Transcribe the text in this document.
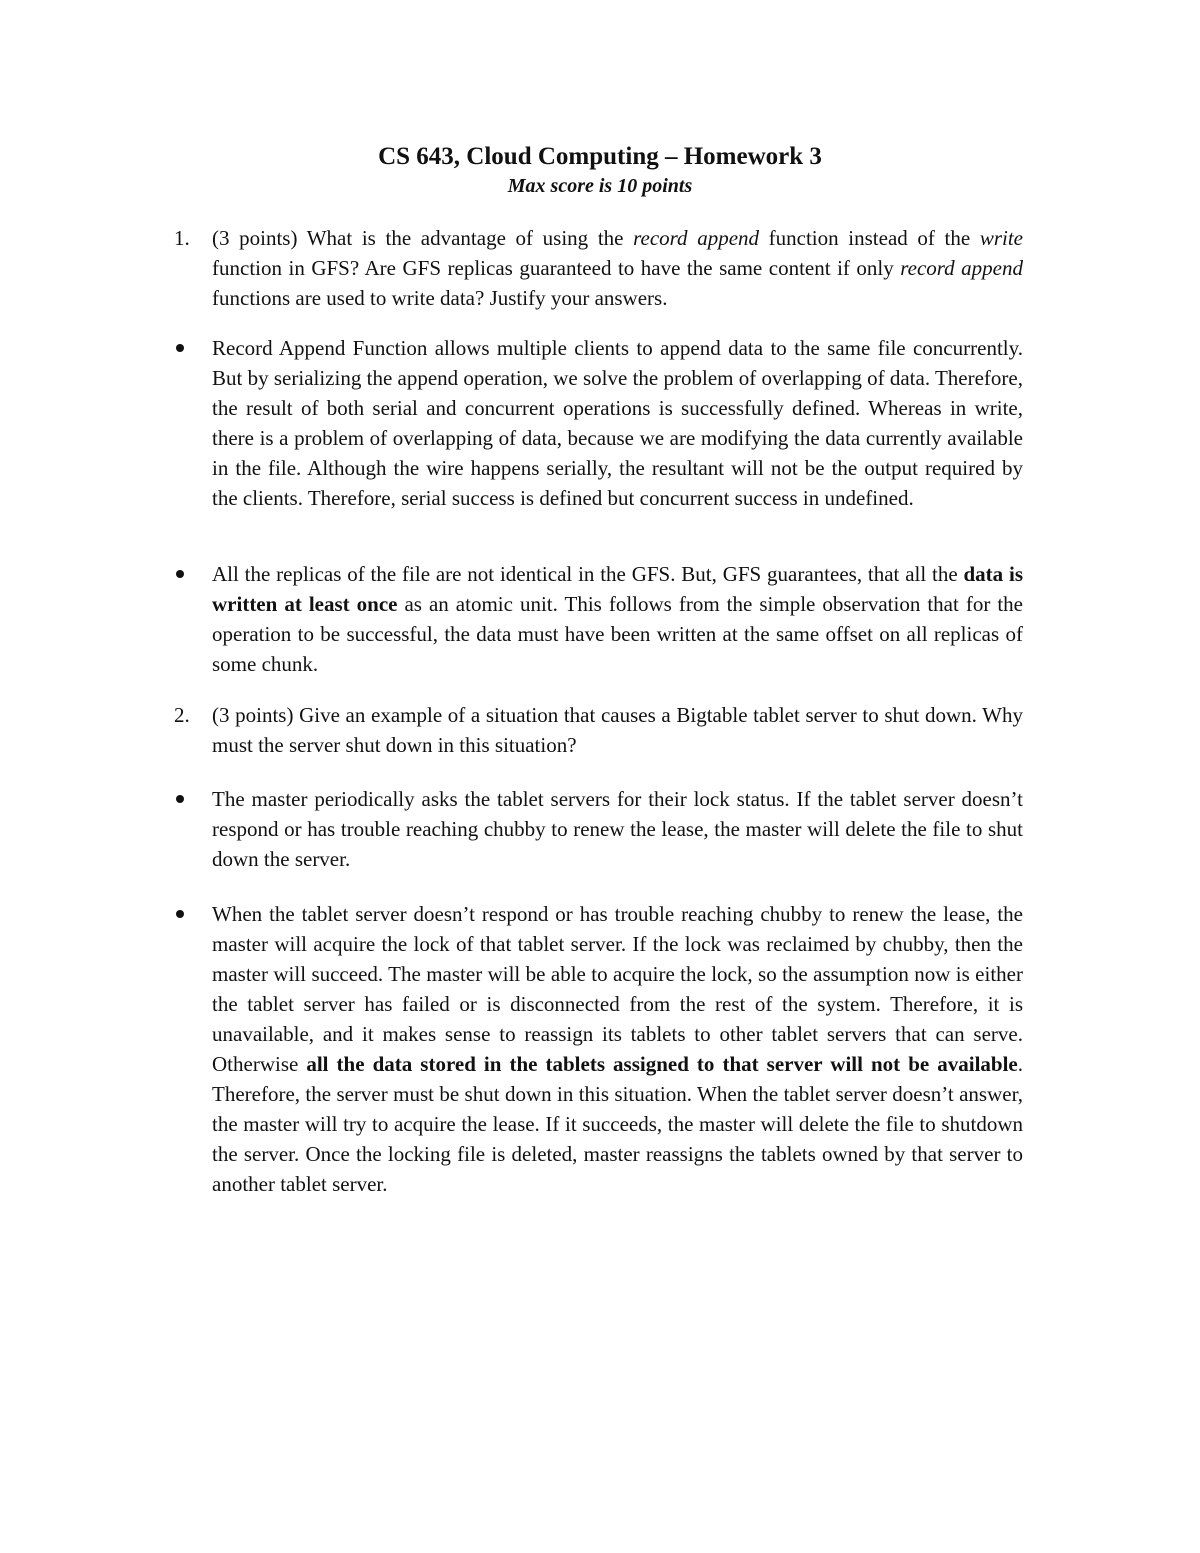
CS 643, Cloud Computing – Homework 3
Max score is 10 points
1. (3 points) What is the advantage of using the record append function instead of the write function in GFS? Are GFS replicas guaranteed to have the same content if only record append functions are used to write data? Justify your answers.
Record Append Function allows multiple clients to append data to the same file concurrently. But by serializing the append operation, we solve the problem of overlapping of data. Therefore, the result of both serial and concurrent operations is successfully defined. Whereas in write, there is a problem of overlapping of data, because we are modifying the data currently available in the file. Although the wire happens serially, the resultant will not be the output required by the clients. Therefore, serial success is defined but concurrent success in undefined.
All the replicas of the file are not identical in the GFS. But, GFS guarantees, that all the data is written at least once as an atomic unit. This follows from the simple observation that for the operation to be successful, the data must have been written at the same offset on all replicas of some chunk.
2. (3 points) Give an example of a situation that causes a Bigtable tablet server to shut down. Why must the server shut down in this situation?
The master periodically asks the tablet servers for their lock status. If the tablet server doesn’t respond or has trouble reaching chubby to renew the lease, the master will delete the file to shut down the server.
When the tablet server doesn’t respond or has trouble reaching chubby to renew the lease, the master will acquire the lock of that tablet server. If the lock was reclaimed by chubby, then the master will succeed. The master will be able to acquire the lock, so the assumption now is either the tablet server has failed or is disconnected from the rest of the system. Therefore, it is unavailable, and it makes sense to reassign its tablets to other tablet servers that can serve. Otherwise all the data stored in the tablets assigned to that server will not be available. Therefore, the server must be shut down in this situation. When the tablet server doesn’t answer, the master will try to acquire the lease. If it succeeds, the master will delete the file to shutdown the server. Once the locking file is deleted, master reassigns the tablets owned by that server to another tablet server.
